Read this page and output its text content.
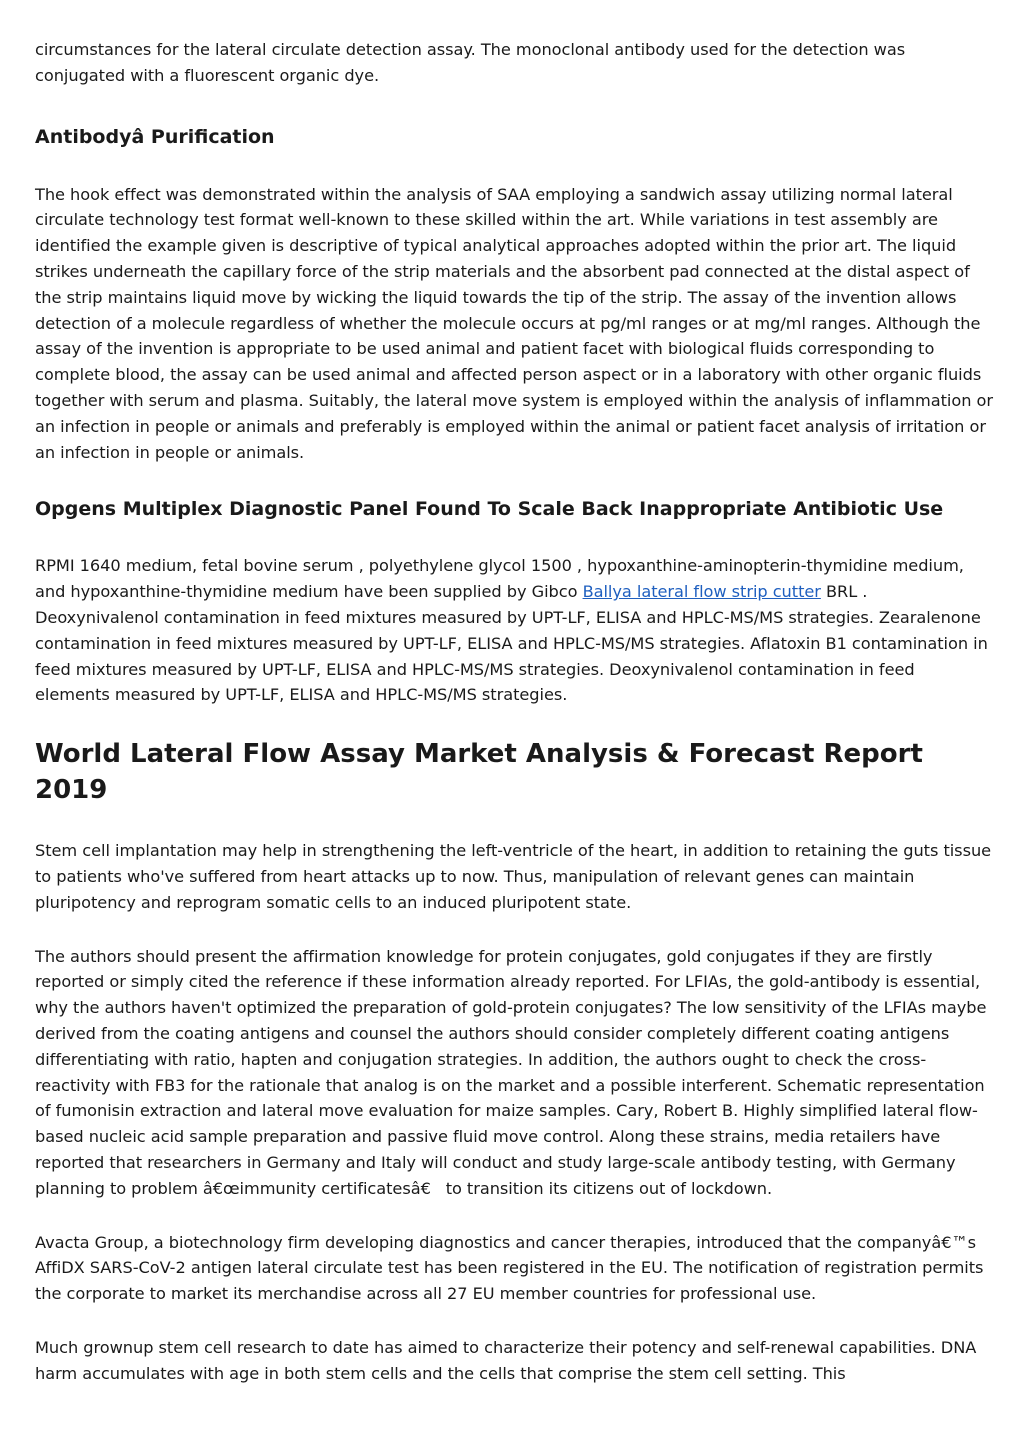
circumstances for the lateral circulate detection assay. The monoclonal antibody used for the detection was conjugated with a fluorescent organic dye.

Antibodyâ Purification

The hook effect was demonstrated within the analysis of SAA employing a sandwich assay utilizing normal lateral circulate technology test format well-known to these skilled within the art. While variations in test assembly are identified the example given is descriptive of typical analytical approaches adopted within the prior art. The liquid strikes underneath the capillary force of the strip materials and the absorbent pad connected at the distal aspect of the strip maintains liquid move by wicking the liquid towards the tip of the strip. The assay of the invention allows detection of a molecule regardless of whether the molecule occurs at pg/ml ranges or at mg/ml ranges. Although the assay of the invention is appropriate to be used animal and patient facet with biological fluids corresponding to complete blood, the assay can be used animal and affected person aspect or in a laboratory with other organic fluids together with serum and plasma. Suitably, the lateral move system is employed within the analysis of inflammation or an infection in people or animals and preferably is employed within the animal or patient facet analysis of irritation or an infection in people or animals.

Opgens Multiplex Diagnostic Panel Found To Scale Back Inappropriate Antibiotic Use

RPMI 1640 medium, fetal bovine serum , polyethylene glycol 1500 , hypoxanthine-aminopterin-thymidine medium, and hypoxanthine-thymidine medium have been supplied by Gibco Ballya lateral flow strip cutter BRL . Deoxynivalenol contamination in feed mixtures measured by UPT-LF, ELISA and HPLC-MS/MS strategies. Zearalenone contamination in feed mixtures measured by UPT-LF, ELISA and HPLC-MS/MS strategies. Aflatoxin B1 contamination in feed mixtures measured by UPT-LF, ELISA and HPLC-MS/MS strategies. Deoxynivalenol contamination in feed elements measured by UPT-LF, ELISA and HPLC-MS/MS strategies.

World Lateral Flow Assay Market Analysis & Forecast Report 2019

Stem cell implantation may help in strengthening the left-ventricle of the heart, in addition to retaining the guts tissue to patients who've suffered from heart attacks up to now. Thus, manipulation of relevant genes can maintain pluripotency and reprogram somatic cells to an induced pluripotent state.

The authors should present the affirmation knowledge for protein conjugates, gold conjugates if they are firstly reported or simply cited the reference if these information already reported. For LFIAs, the gold-antibody is essential, why the authors haven't optimized the preparation of gold-protein conjugates? The low sensitivity of the LFIAs maybe derived from the coating antigens and counsel the authors should consider completely different coating antigens differentiating with ratio, hapten and conjugation strategies. In addition, the authors ought to check the cross-reactivity with FB3 for the rationale that analog is on the market and a possible interferent. Schematic representation of fumonisin extraction and lateral move evaluation for maize samples. Cary, Robert B. Highly simplified lateral flow-based nucleic acid sample preparation and passive fluid move control. Along these strains, media retailers have reported that researchers in Germany and Italy will conduct and study large-scale antibody testing, with Germany planning to problem â€œimmunity certificatesâ€ to transition its citizens out of lockdown.

Avacta Group, a biotechnology firm developing diagnostics and cancer therapies, introduced that the companyâ€™s AffiDX SARS-CoV-2 antigen lateral circulate test has been registered in the EU. The notification of registration permits the corporate to market its merchandise across all 27 EU member countries for professional use.

Much grownup stem cell research to date has aimed to characterize their potency and self-renewal capabilities. DNA harm accumulates with age in both stem cells and the cells that comprise the stem cell setting. This
